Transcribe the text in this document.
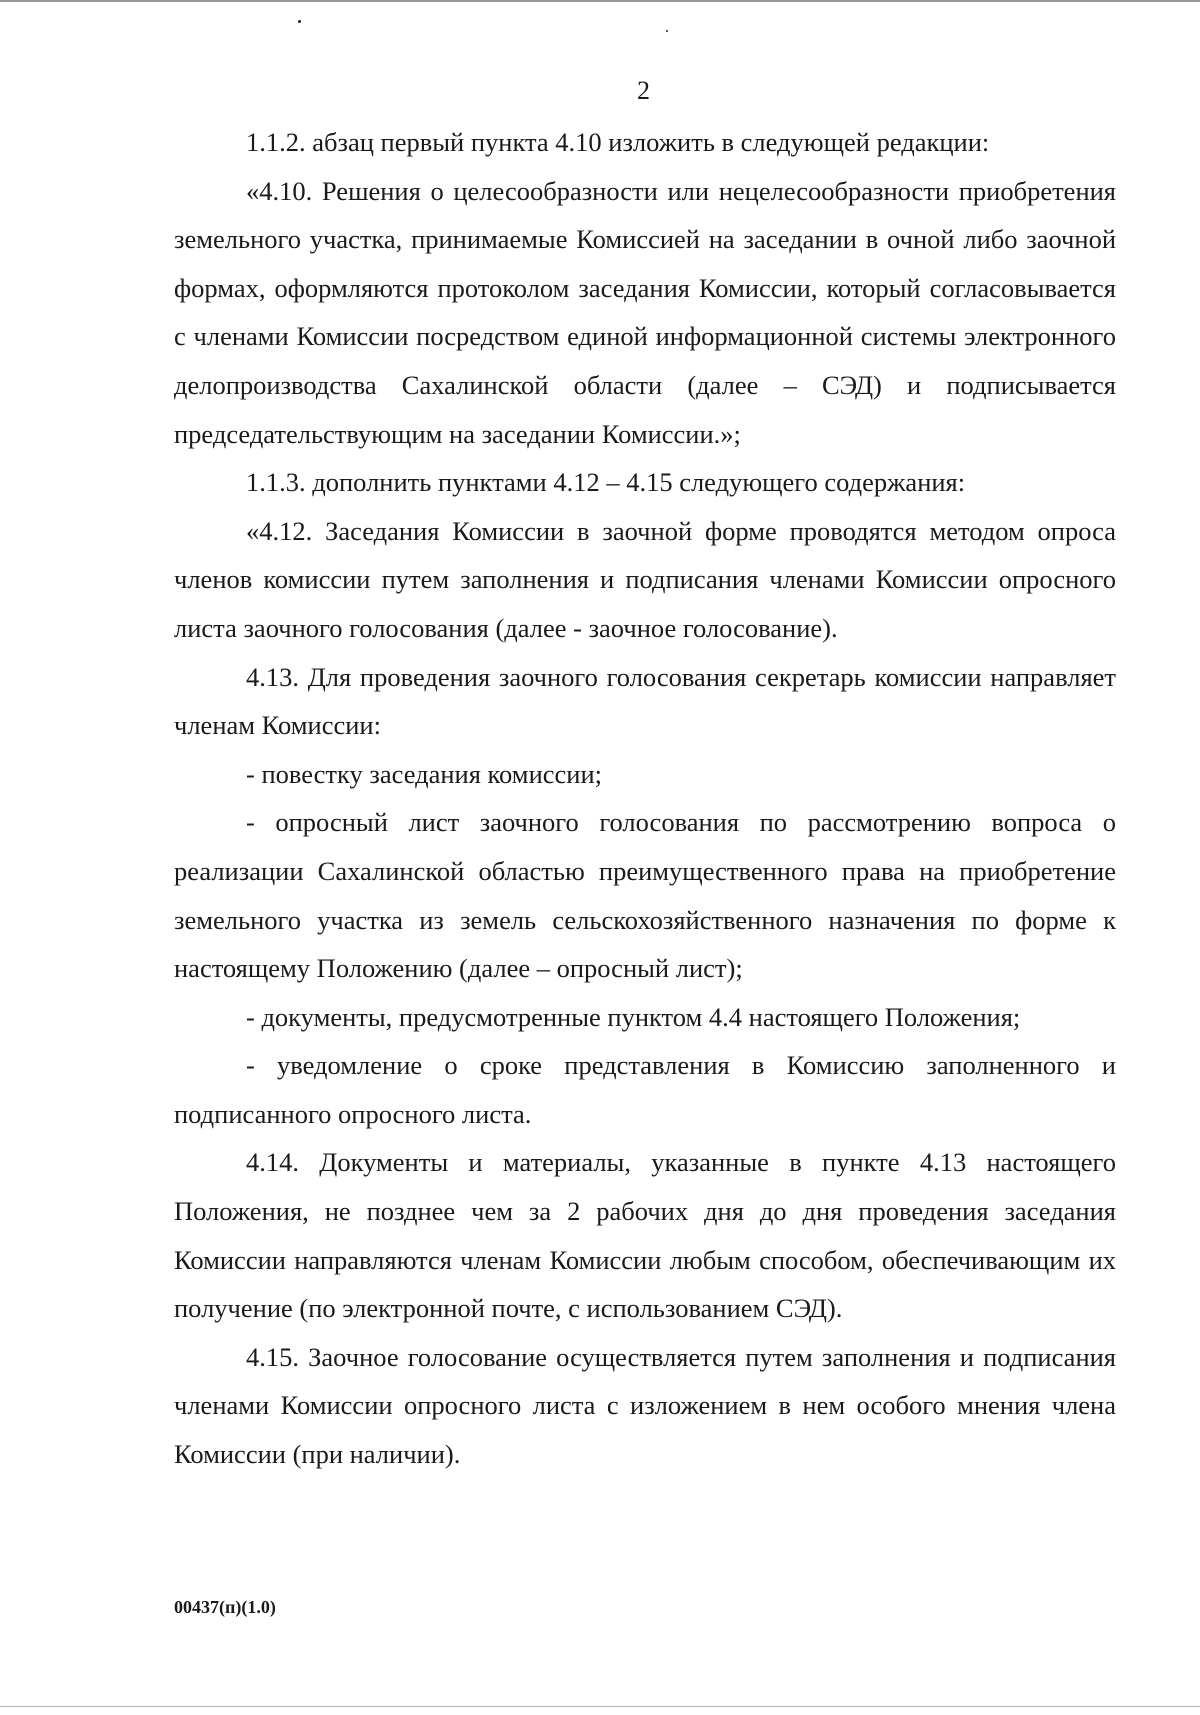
2

1.1.2. абзац первый пункта 4.10 изложить в следующей редакции:

«4.10. Решения о целесообразности или нецелесообразности приобретения земельного участка, принимаемые Комиссией на заседании в очной либо заочной формах, оформляются протоколом заседания Комиссии, который согласовывается с членами Комиссии посредством единой информационной системы электронного делопроизводства Сахалинской области (далее – СЭД) и подписывается председательствующим на заседании Комиссии.»;

1.1.3. дополнить пунктами 4.12 – 4.15 следующего содержания:

«4.12. Заседания Комиссии в заочной форме проводятся методом опроса членов комиссии путем заполнения и подписания членами Комиссии опросного листа заочного голосования (далее - заочное голосование).

4.13. Для проведения заочного голосования секретарь комиссии направляет членам Комиссии:

- повестку заседания комиссии;

- опросный лист заочного голосования по рассмотрению вопроса о реализации Сахалинской областью преимущественного права на приобретение земельного участка из земель сельскохозяйственного назначения по форме к настоящему Положению (далее – опросный лист);

- документы, предусмотренные пунктом 4.4 настоящего Положения;

- уведомление о сроке представления в Комиссию заполненного и подписанного опросного листа.

4.14. Документы и материалы, указанные в пункте 4.13 настоящего Положения, не позднее чем за 2 рабочих дня до дня проведения заседания Комиссии направляются членам Комиссии любым способом, обеспечивающим их получение (по электронной почте, с использованием СЭД).

4.15. Заочное голосование осуществляется путем заполнения и подписания членами Комиссии опросного листа с изложением в нем особого мнения члена Комиссии (при наличии).

00437(п)(1.0)
